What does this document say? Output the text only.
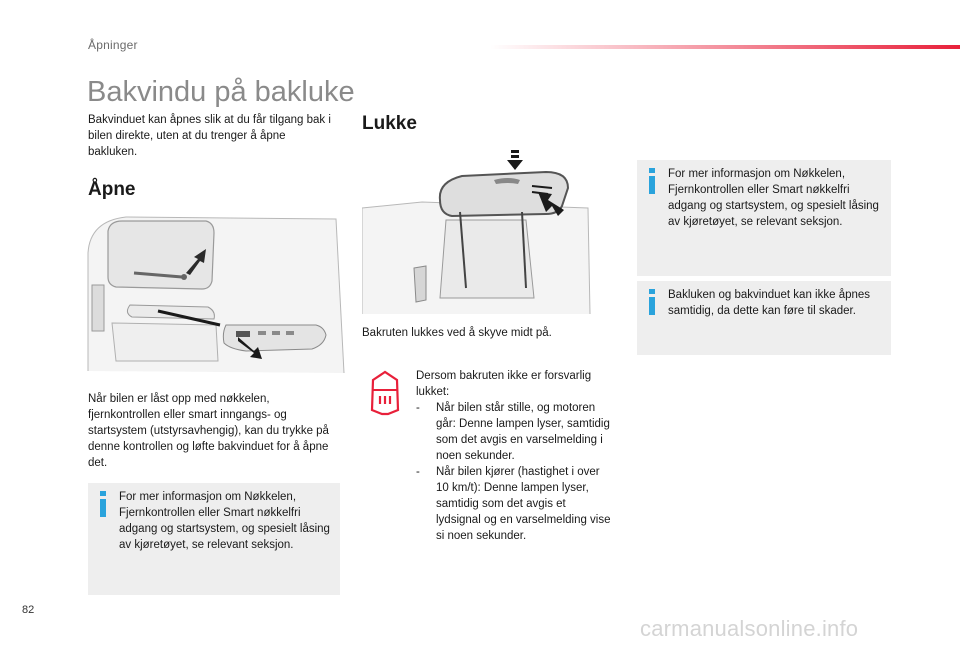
Åpninger
Bakvindu på bakluke

Bakvinduet kan åpnes slik at du får tilgang bak i bilen direkte, uten at du trenger å åpne bakluken.

Åpne

Når bilen er låst opp med nøkkelen, fjernkontrollen eller smart inngangs- og startsystem (utstyrsavhengig), kan du trykke på denne kontrollen og løfte bakvinduet for å åpne det.

For mer informasjon om Nøkkelen, Fjernkontrollen eller Smart nøkkelfri adgang og startsystem, og spesielt låsing av kjøretøyet, se relevant seksjon.
Lukke

Bakruten lukkes ved å skyve midt på.

Dersom bakruten ikke er forsvarlig lukket:
-	Når bilen står stille, og motoren går: Denne lampen lyser, samtidig som det avgis en varselmelding i noen sekunder.
-	Når bilen kjører (hastighet i over 10 km/t): Denne lampen lyser, samtidig som det avgis et lydsignal og en varselmelding vise si noen sekunder.
For mer informasjon om Nøkkelen, Fjernkontrollen eller Smart nøkkelfri adgang og startsystem, og spesielt låsing av kjøretøyet, se relevant seksjon.
Bakluken og bakvinduet kan ikke åpnes samtidig, da dette kan føre til skader.
82
carmanualsonline.info
